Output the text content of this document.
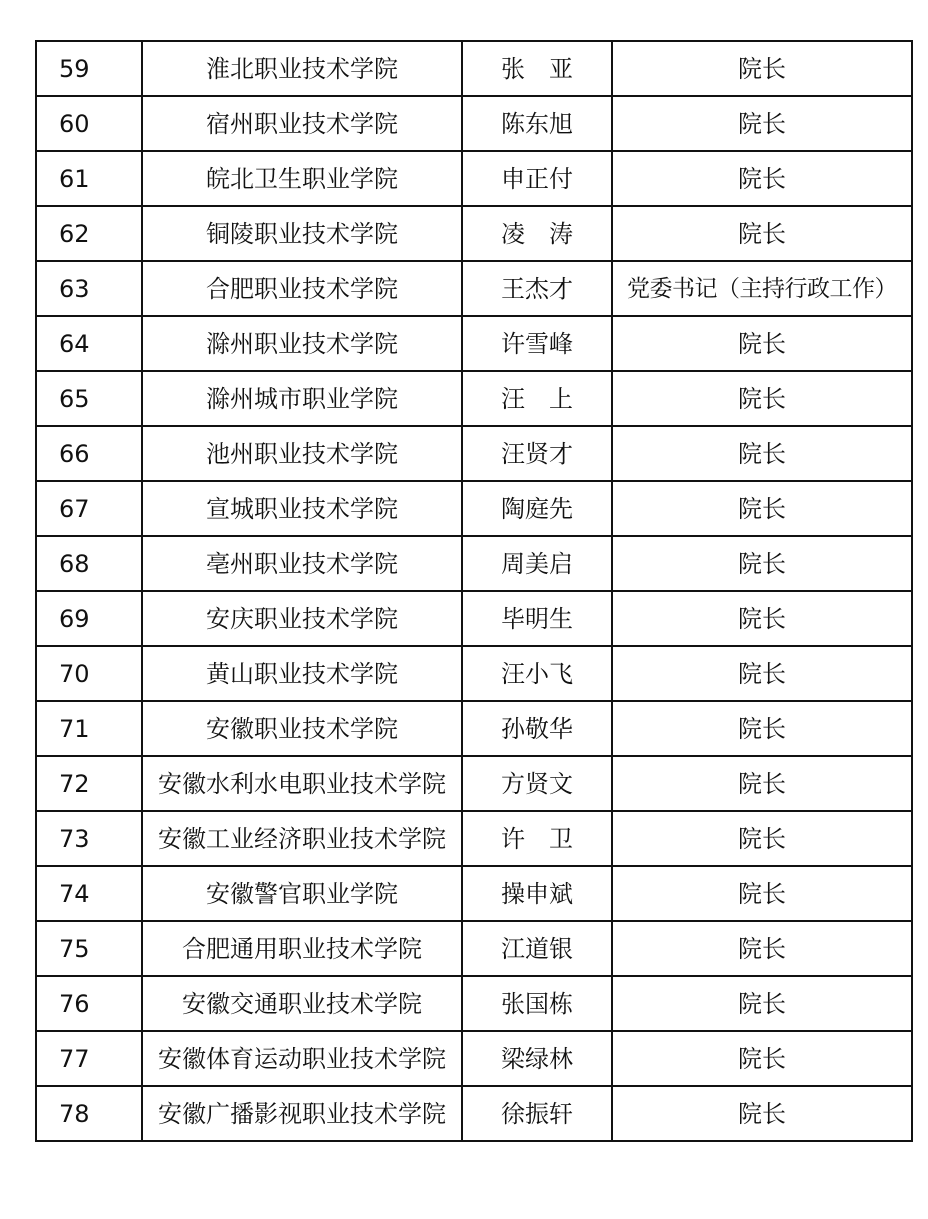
59	淮北职业技术学院	张　亚	院长
60	宿州职业技术学院	陈东旭	院长
61	皖北卫生职业学院	申正付	院长
62	铜陵职业技术学院	凌　涛	院长
63	合肥职业技术学院	王杰才	党委书记（主持行政工作）
64	滁州职业技术学院	许雪峰	院长
65	滁州城市职业学院	汪　上	院长
66	池州职业技术学院	汪贤才	院长
67	宣城职业技术学院	陶庭先	院长
68	亳州职业技术学院	周美启	院长
69	安庆职业技术学院	毕明生	院长
70	黄山职业技术学院	汪小飞	院长
71	安徽职业技术学院	孙敬华	院长
72	安徽水利水电职业技术学院	方贤文	院长
73	安徽工业经济职业技术学院	许　卫	院长
74	安徽警官职业学院	操申斌	院长
75	合肥通用职业技术学院	江道银	院长
76	安徽交通职业技术学院	张国栋	院长
77	安徽体育运动职业技术学院	梁绿林	院长
78	安徽广播影视职业技术学院	徐振轩	院长
